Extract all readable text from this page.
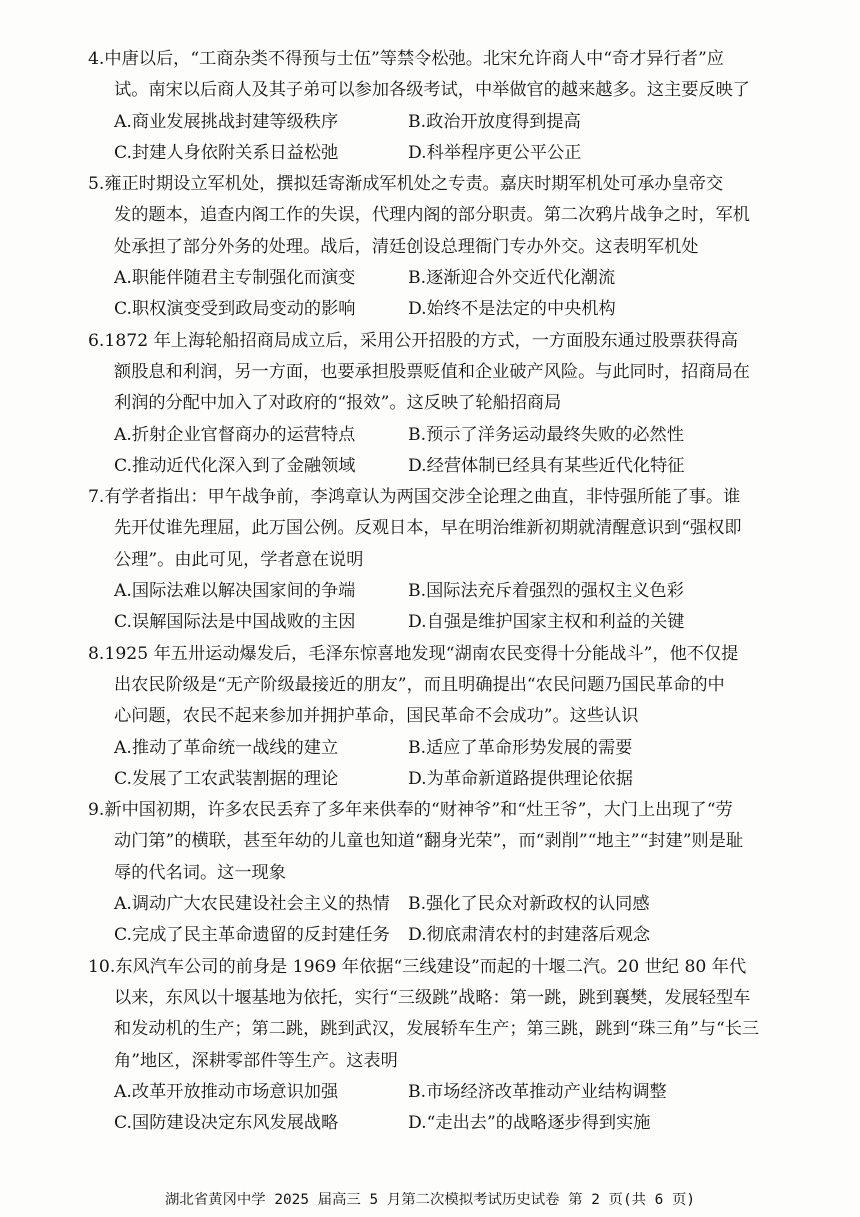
4.中唐以后，“工商杂类不得预与士伍”等禁令松弛。北宋允许商人中“奇才异行者”应
试。南宋以后商人及其子弟可以参加各级考试，中举做官的越来越多。这主要反映了

A.商业发展挑战封建等级秩序	B.政治开放度得到提高
C.封建人身依附关系日益松弛	D.科举程序更公平公正

5.雍正时期设立军机处，撰拟廷寄渐成军机处之专责。嘉庆时期军机处可承办皇帝交
发的题本，追查内阁工作的失误，代理内阁的部分职责。第二次鸦片战争之时，军机
处承担了部分外务的处理。战后，清廷创设总理衙门专办外交。这表明军机处

A.职能伴随君主专制强化而演变	B.逐渐迎合外交近代化潮流
C.职权演变受到政局变动的影响	D.始终不是法定的中央机构

6.1872 年上海轮船招商局成立后，采用公开招股的方式，一方面股东通过股票获得高
额股息和利润，另一方面，也要承担股票贬值和企业破产风险。与此同时，招商局在
利润的分配中加入了对政府的“报效”。这反映了轮船招商局

A.折射企业官督商办的运营特点	B.预示了洋务运动最终失败的必然性
C.推动近代化深入到了金融领域	D.经营体制已经具有某些近代化特征

7.有学者指出：甲午战争前，李鸿章认为两国交涉全论理之曲直，非恃强所能了事。谁
先开仗谁先理屈，此万国公例。反观日本，早在明治维新初期就清醒意识到“强权即
公理”。由此可见，学者意在说明

A.国际法难以解决国家间的争端	B.国际法充斥着强烈的强权主义色彩
C.误解国际法是中国战败的主因	D.自强是维护国家主权和利益的关键

8.1925 年五卅运动爆发后，毛泽东惊喜地发现“湖南农民变得十分能战斗”，他不仅提
出农民阶级是“无产阶级最接近的朋友”，而且明确提出“农民问题乃国民革命的中
心问题，农民不起来参加并拥护革命，国民革命不会成功”。这些认识

A.推动了革命统一战线的建立	B.适应了革命形势发展的需要
C.发展了工农武装割据的理论	D.为革命新道路提供理论依据

9.新中国初期，许多农民丢弃了多年来供奉的“财神爷”和“灶王爷”，大门上出现了“劳
动门第”的横联，甚至年幼的儿童也知道“翻身光荣”，而“剥削”“地主”“封建”则是耻
辱的代名词。这一现象

A.调动广大农民建设社会主义的热情	B.强化了民众对新政权的认同感
C.完成了民主革命遗留的反封建任务	D.彻底肃清农村的封建落后观念

10.东风汽车公司的前身是 1969 年依据“三线建设”而起的十堰二汽。20 世纪 80 年代
以来，东风以十堰基地为依托，实行“三级跳”战略：第一跳，跳到襄樊，发展轻型车
和发动机的生产；第二跳，跳到武汉，发展轿车生产；第三跳，跳到“珠三角”与“长三
角”地区，深耕零部件等生产。这表明

A.改革开放推动市场意识加强	B.市场经济改革推动产业结构调整
C.国防建设决定东风发展战略	D.“走出去”的战略逐步得到实施
湖北省黄冈中学 2025 届高三 5 月第二次模拟考试历史试卷 第 2 页(共 6 页)
